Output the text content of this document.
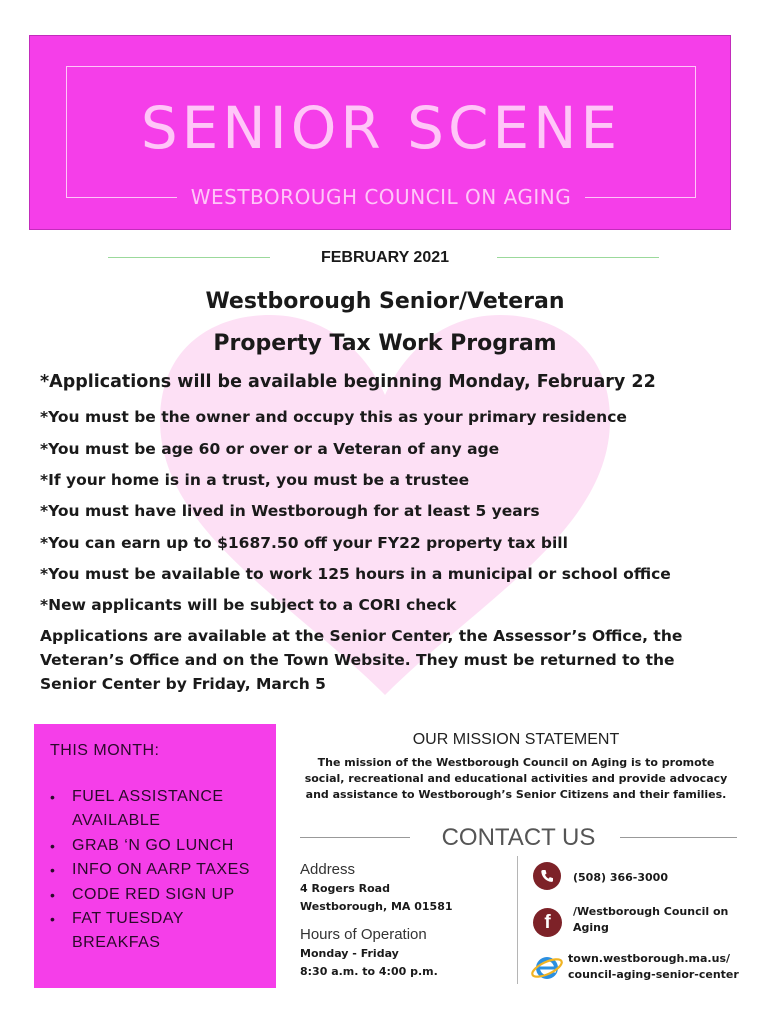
SENIOR SCENE
WESTBOROUGH COUNCIL ON AGING
FEBRUARY 2021
Westborough Senior/Veteran
Property Tax Work Program
*Applications will be available beginning Monday, February 22
*You must be the owner and occupy this as your primary residence
*You must be age 60 or over or a Veteran of any age
*If your home is in a trust, you must be a trustee
*You must have lived in Westborough for at least 5 years
*You can earn up to $1687.50 off your FY22 property tax bill
*You must be available to work 125 hours in a municipal or school office
*New applicants will be subject to a CORI check
Applications are available at the Senior Center, the Assessor’s Office, the Veteran’s Office and on the Town Website. They must be returned to the Senior Center by Friday, March 5
THIS MONTH:
• FUEL ASSISTANCE AVAILABLE
• GRAB ‘N GO LUNCH
• INFO ON AARP TAXES
• CODE RED SIGN UP
• FAT TUESDAY BREAKFAS
OUR MISSION STATEMENT
The mission of the Westborough Council on Aging is to promote social, recreational and educational activities and provide advocacy and assistance to Westborough’s Senior Citizens and their families.
CONTACT US
Address
4 Rogers Road
Westborough, MA 01581
Hours of Operation
Monday - Friday
8:30 a.m. to 4:00 p.m.
(508) 366-3000
f
/Westborough Council on
Aging
town.westborough.ma.us/
council-aging-senior-center
